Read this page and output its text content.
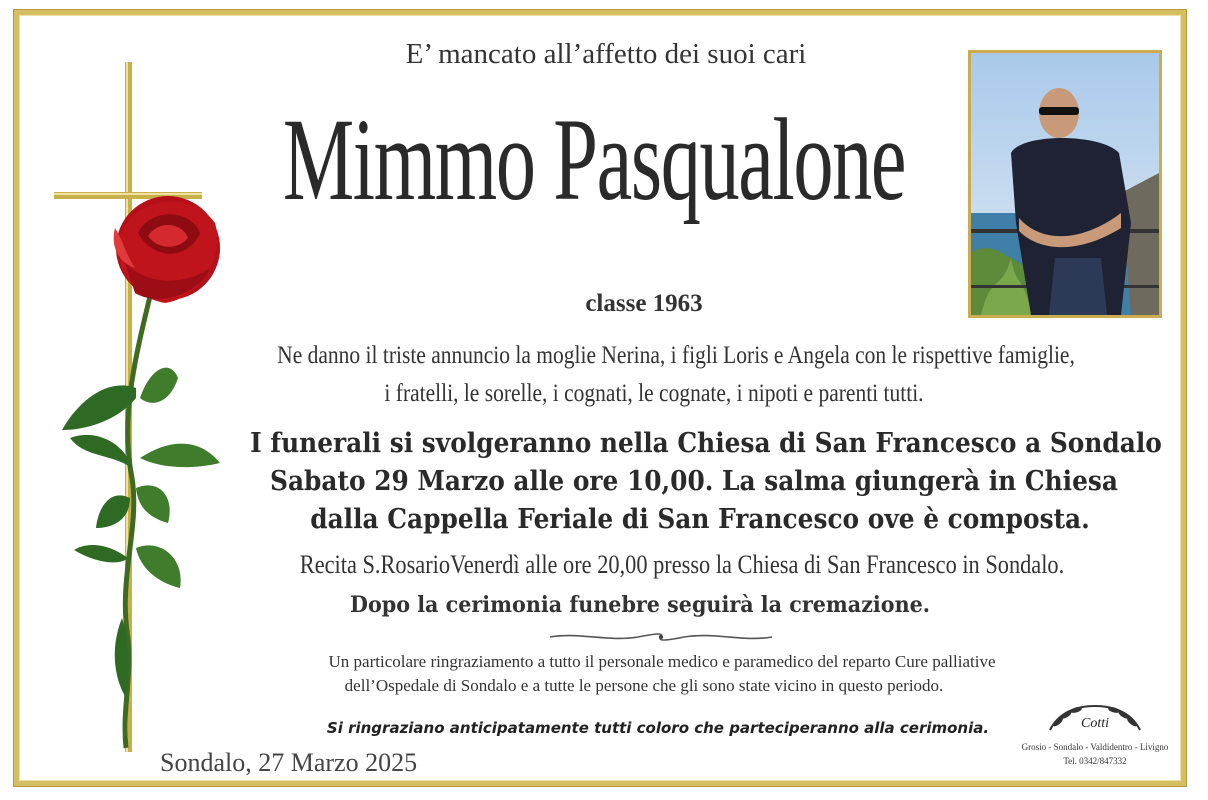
E’ mancato all’affetto dei suoi cari
Mimmo Pasqualone
classe 1963
Ne danno il triste annuncio la moglie Nerina, i figli Loris e Angela con le rispettive famiglie,
i fratelli, le sorelle, i cognati, le cognate, i nipoti e parenti tutti.
I funerali si svolgeranno nella Chiesa di San Francesco a Sondalo
Sabato 29 Marzo alle ore 10,00. La salma giungerà in Chiesa
dalla Cappella Feriale di San Francesco ove è composta.
Recita S.RosarioVenerdì alle ore 20,00 presso la Chiesa di San Francesco in Sondalo.
Dopo la cerimonia funebre seguirà la cremazione.
Un particolare ringraziamento a tutto il personale medico e paramedico del reparto Cure palliative
dell’Ospedale di Sondalo e a tutte le persone che gli sono state vicino in questo periodo.
Si ringraziano anticipatamente tutti coloro che parteciperanno alla cerimonia.
Sondalo, 27 Marzo 2025
Cotti
Grosio - Sondalo - Valdidentro - Livigno
Tel. 0342/847332
